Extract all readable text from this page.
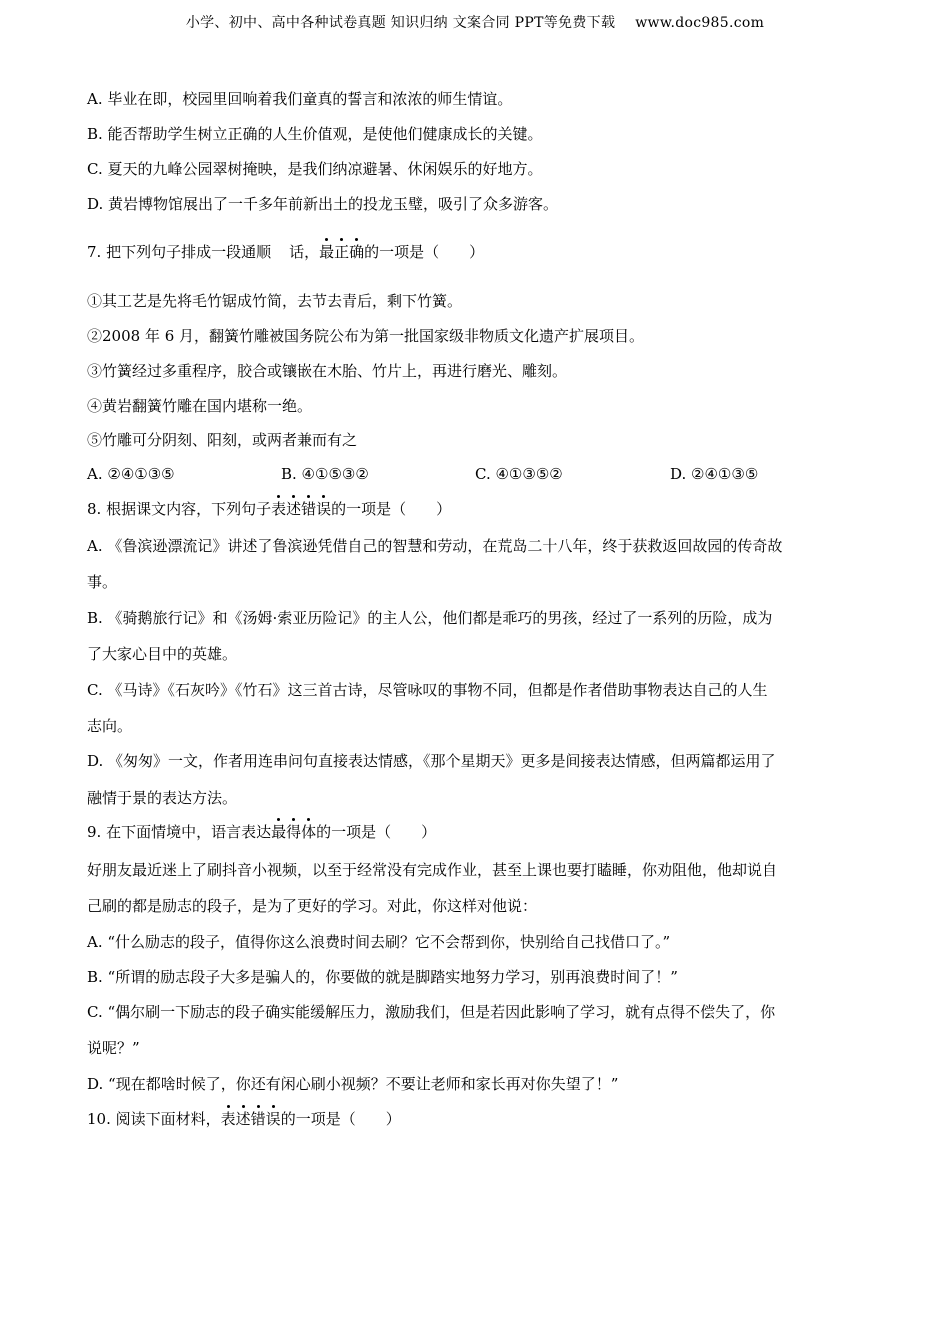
小学、初中、高中各种试卷真题 知识归纳 文案合同 PPT等免费下载 www.doc985.com
A. 毕业在即，校园里回响着我们童真的誓言和浓浓的师生情谊。
B. 能否帮助学生树立正确的人生价值观，是使他们健康成长的关键。
C. 夏天的九峰公园翠树掩映，是我们纳凉避暑、休闲娱乐的好地方。
D. 黄岩博物馆展出了一千多年前新出土的投龙玉璧，吸引了众多游客。
7. 把下列句子排成一段通顺 话，最正确的一项是（　　）
①其工艺是先将毛竹锯成竹简，去节去青后，剩下竹簧。
②2008 年 6 月，翻簧竹雕被国务院公布为第一批国家级非物质文化遗产扩展项目。
③竹簧经过多重程序，胶合或镶嵌在木胎、竹片上，再进行磨光、雕刻。
④黄岩翻簧竹雕在国内堪称一绝。
⑤竹雕可分阴刻、阳刻，或两者兼而有之
A. ②④①③⑤	B. ④①⑤③②	C. ④①③⑤②	D. ②④①③⑤
8. 根据课文内容，下列句子表述错误的一项是（　　）
A. 《鲁滨逊漂流记》讲述了鲁滨逊凭借自己的智慧和劳动，在荒岛二十八年，终于获救返回故园的传奇故
事。
B. 《骑鹅旅行记》和《汤姆·索亚历险记》的主人公，他们都是乖巧的男孩，经过了一系列的历险，成为
了大家心目中的英雄。
C. 《马诗》《石灰吟》《竹石》这三首古诗，尽管咏叹的事物不同，但都是作者借助事物表达自己的人生
志向。
D. 《匆匆》一文，作者用连串问句直接表达情感，《那个星期天》更多是间接表达情感，但两篇都运用了
融情于景的表达方法。
9. 在下面情境中，语言表达最得体的一项是（　　）
好朋友最近迷上了刷抖音小视频，以至于经常没有完成作业，甚至上课也要打瞌睡，你劝阻他，他却说自
己刷的都是励志的段子，是为了更好的学习。对此，你这样对他说：
A. “什么励志的段子，值得你这么浪费时间去刷？它不会帮到你，快别给自己找借口了。”
B. “所谓的励志段子大多是骗人的，你要做的就是脚踏实地努力学习，别再浪费时间了！”
C. “偶尔刷一下励志的段子确实能缓解压力，激励我们，但是若因此影响了学习，就有点得不偿失了，你
说呢？”
D. “现在都啥时候了，你还有闲心刷小视频？不要让老师和家长再对你失望了！”
10. 阅读下面材料，表述错误的一项是（　　）
